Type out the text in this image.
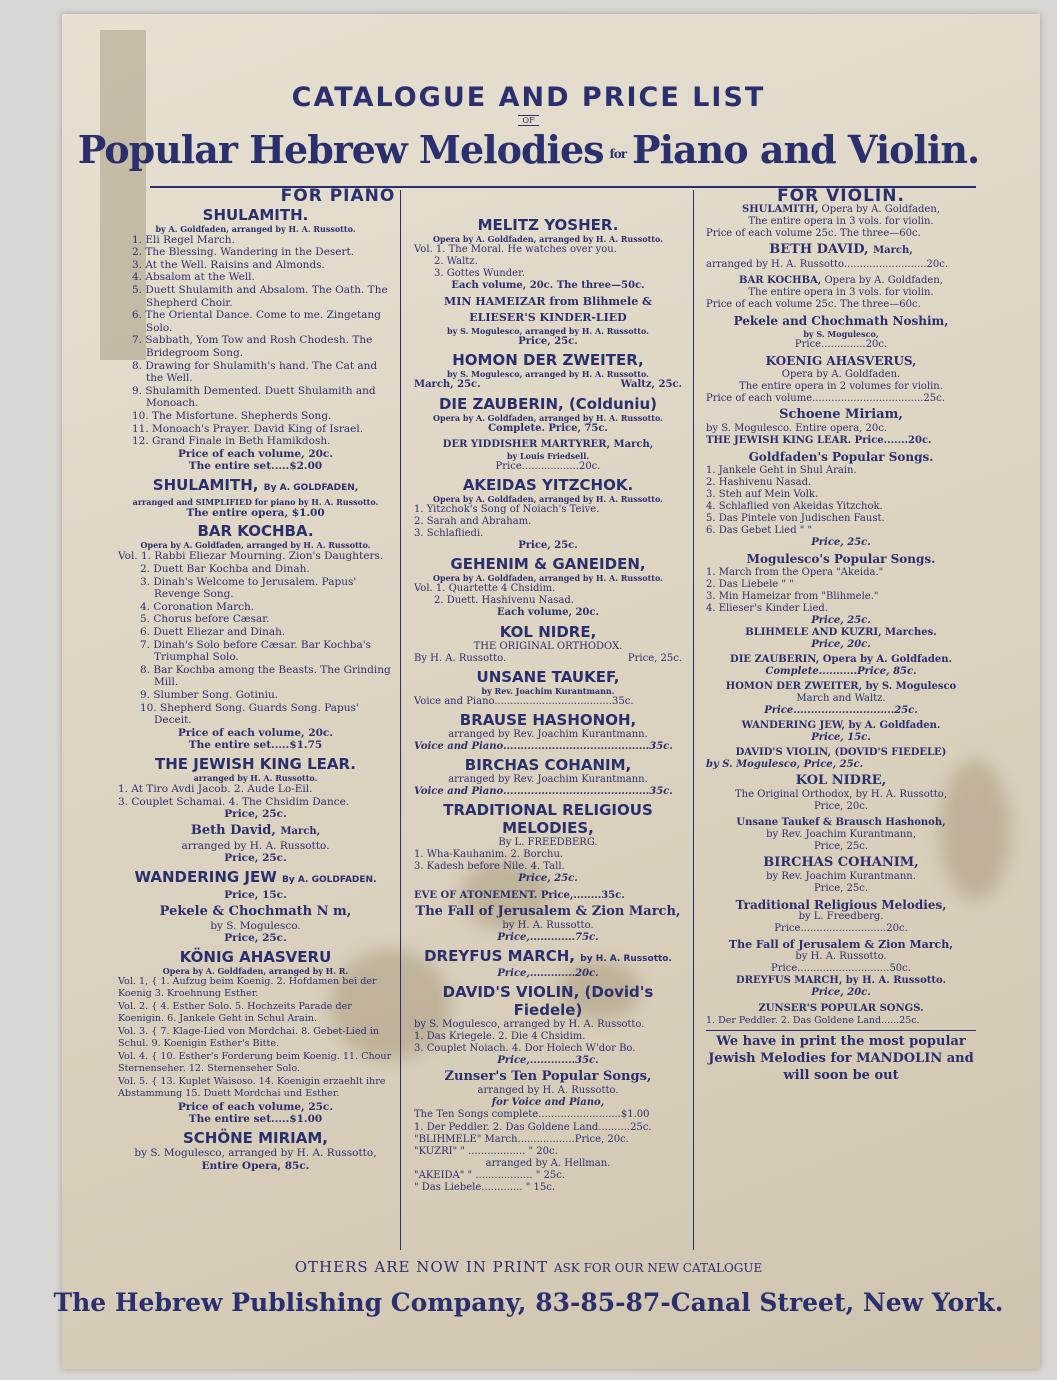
CATALOGUE AND PRICE LIST
OF
Popular Hebrew Melodies for Piano and Violin.
FOR PIANO
SHULAMITH.
by A. Goldfaden, arranged by H. A. Russotto.
1. Eli Regel March.
2. The Blessing. Wandering in the Desert.
3. At the Well. Raisins and Almonds.
4. Absalom at the Well.
5. Duett Shulamith and Absalom. The Oath. The Shepherd Choir.
6. The Oriental Dance. Come to me. Zingetang Solo.
7. Sabbath, Yom Tow and Rosh Chodesh. The Bridegroom Song.
8. Drawing for Shulamith's hand. The Cat and the Well.
9. Shulamith Demented. Duett Shulamith and Monoach.
10. The Misfortune. Shepherds Song.
11. Monoach's Prayer. David King of Israel.
12. Grand Finale in Beth Hamikdosh.
Price of each volume, 20c.
The entire set.....$2.00
SHULAMITH, By A. GOLDFADEN,
arranged and SIMPLIFIED for piano by H. A. Russotto.
The entire opera, $1.00
BAR KOCHBA.
Opera by A. Goldfaden, arranged by H. A. Russotto.
Vol. 1. Rabbi Eliezar Mourning. Zion's Daughters.
2. Duett Bar Kochba and Dinah.
3. Dinah's Welcome to Jerusalem. Papus' Revenge Song.
4. Coronation March.
5. Chorus before Cæsar.
6. Duett Eliezar and Dinah.
7. Dinah's Solo before Cæsar. Bar Kochba's Triumphal Solo.
8. Bar Kochba among the Beasts. The Grinding Mill.
9. Slumber Song. Gotiniu.
10. Shepherd Song. Guards Song. Papus' Deceit.
Price of each volume, 20c.
The entire set.....$1.75
THE JEWISH KING LEAR.
arranged by H. A. Russotto.
1. At Tiro Avdi Jacob. 2. Aude Lo-Eil.
3. Couplet Schamai. 4. The Chsidim Dance.
Price, 25c.
Beth David, March,
arranged by H. A. Russotto.
Price, 25c.
WANDERING JEW By A. GOLDFADEN.
Price, 15c.
Pekele & Chochmath N m,
by S. Mogulesco.
Price, 25c.
KÖNIG AHASVERU
Opera by A. Goldfaden, arranged by H. R.
Vol. 1, { 1. Aufzug beim Koenig. 2. Hofdamen bei der Koenig 3. Kroehnung Esther.
Vol. 2. { 4. Esther Solo. 5. Hochzeits Parade der Koenigin. 6. Jankele Geht in Schul Arain.
Vol. 3. { 7. Klage-Lied von Mordchai. 8. Gebet-Lied in Schul. 9. Koenigin Esther's Bitte.
Vol. 4. { 10. Esther's Forderung beim Koenig. 11. Chour Sternenseher. 12. Sternenseher Solo.
Vol. 5. { 13. Kuplet Waisoso. 14. Koenigin erzaehlt ihre Abstammung 15. Duett Mordchai und Esther.
Price of each volume, 25c.
The entire set.....$1.00
SCHÖNE MIRIAM,
by S. Mogulesco, arranged by H. A. Russotto,
Entire Opera, 85c.
MELITZ YOSHER.
Opera by A. Goldfaden, arranged by H. A. Russotto.
Vol. 1. The Moral. He watches over you.
2. Waltz.
3. Gottes Wunder.
Each volume, 20c. The three—50c.
MIN HAMEIZAR from Blihmele & ELIESER'S KINDER-LIED
by S. Mogulesco, arranged by H. A. Russotto.
Price, 25c.
HOMON DER ZWEITER,
by S. Mogulesco, arranged by H. A. Russotto.
March, 25c.	Waltz, 25c.
DIE ZAUBERIN, (Colduniu)
Opera by A. Goldfaden, arranged by H. A. Russotto.
Complete. Price, 75c.
DER YIDDISHER MARTYRER, March,
by Louis Friedsell.
Price..................20c.
AKEIDAS YITZCHOK.
Opera by A. Goldfaden, arranged by H. A. Russotto.
1. Yitzchok's Song of Noiach's Teive.
2. Sarah and Abraham.
3. Schlafliedi.
Price, 25c.
GEHENIM & GANEIDEN,
Opera by A. Goldfaden, arranged by H. A. Russotto.
Vol. 1. Quartette 4 Chsidim.
2. Duett. Hashivenu Nasad.
Each volume, 20c.
KOL NIDRE,
THE ORIGINAL ORTHODOX.
By H. A. Russotto.	Price, 25c.
UNSANE TAUKEF,
by Rev. Joachim Kurantmann.
Voice and Piano.....................................35c.
BRAUSE HASHONOH,
arranged by Rev. Joachim Kurantmann.
Voice and Piano..........................................35c.
BIRCHAS COHANIM,
arranged by Rev. Joachim Kurantmann.
Voice and Piano..........................................35c.
TRADITIONAL RELIGIOUS MELODIES,
By L. FREEDBERG.
1. Wha-Kauhanim. 2. Borchu.
3. Kadesh before Nile. 4. Tall.
Price, 25c.
EVE OF ATONEMENT. Price,........35c.
The Fall of Jerusalem & Zion March,
by H. A. Russotto.
Price,.............75c.
DREYFUS MARCH, by H. A. Russotto.
Price,.............20c.
DAVID'S VIOLIN, (Dovid's Fiedele)
by S. Mogulesco, arranged by H. A. Russotto.
1. Das Kriegele. 2. Die 4 Chsidim.
3. Couplet Noiach. 4. Dor Holech W'dor Bo.
Price,.............35c.
Zunser's Ten Popular Songs,
arranged by H. A. Russotto.
for Voice and Piano,
The Ten Songs complete..........................$1.00
1. Der Peddler. 2. Das Goldene Land..........25c.
"BLIHMELE" March..................Price, 20c.
"KUZRI" " .................. " 20c.
arranged by A. Hellman.
"AKEIDA" " .................. " 25c.
" Das Liebele............. " 15c.
FOR VIOLIN.
SHULAMITH, Opera by A. Goldfaden,
The entire opera in 3 vols. for violin.
Price of each volume 25c. The three—60c.
BETH DAVID, March,
arranged by H. A. Russotto..........................20c.
BAR KOCHBA, Opera by A. Goldfaden,
The entire opera in 3 vols. for violin.
Price of each volume 25c. The three—60c.
Pekele and Chochmath Noshim,
by S. Mogulesco,
Price..............20c.
KOENIG AHASVERUS,
Opera by A. Goldfaden.
The entire opera in 2 volumes for violin.
Price of each volume...................................25c.
Schoene Miriam,
by S. Mogulesco. Entire opera, 20c.
THE JEWISH KING LEAR. Price.......20c.
Goldfaden's Popular Songs.
1. Jankele Geht in Shul Arain.
2. Hashivenu Nasad.
3. Steh auf Mein Volk.
4. Schlaflied von Akeidas Yitzchok.
5. Das Pintele von Judischen Faust.
6. Das Gebet Lied " "
Price, 25c.
Mogulesco's Popular Songs.
1. March from the Opera "Akeida."
2. Das Liebele " "
3. Min Hameizar from "Blihmele."
4. Elieser's Kinder Lied.
Price, 25c.
BLIHMELE AND KUZRI, Marches.
Price, 20c.
DIE ZAUBERIN, Opera by A. Goldfaden.
Complete...........Price, 85c.
HOMON DER ZWEITER, by S. Mogulesco
March and Waltz.
Price.............................25c.
WANDERING JEW, by A. Goldfaden.
Price, 15c.
DAVID'S VIOLIN, (DOVID'S FIEDELE)
by S. Mogulesco, Price, 25c.
KOL NIDRE,
The Original Orthodox, by H. A. Russotto,
Price, 20c.
Unsane Taukef & Brausch Hashonoh,
by Rev. Joachim Kurantmann,
Price, 25c.
BIRCHAS COHANIM,
by Rev. Joachim Kurantmann.
Price, 25c.
Traditional Religious Melodies,
by L. Freedberg.
Price...........................20c.
The Fall of Jerusalem & Zion March,
by H. A. Russotto.
Price.............................50c.
DREYFUS MARCH, by H. A. Russotto.
Price, 20c.
ZUNSER'S POPULAR SONGS.
1. Der Peddler. 2. Das Goldene Land......25c.
We have in print the most popular Jewish Melodies for MANDOLIN and will soon be out
OTHERS ARE NOW IN PRINT ASK FOR OUR NEW CATALOGUE
The Hebrew Publishing Company, 83-85-87-Canal Street, New York.
